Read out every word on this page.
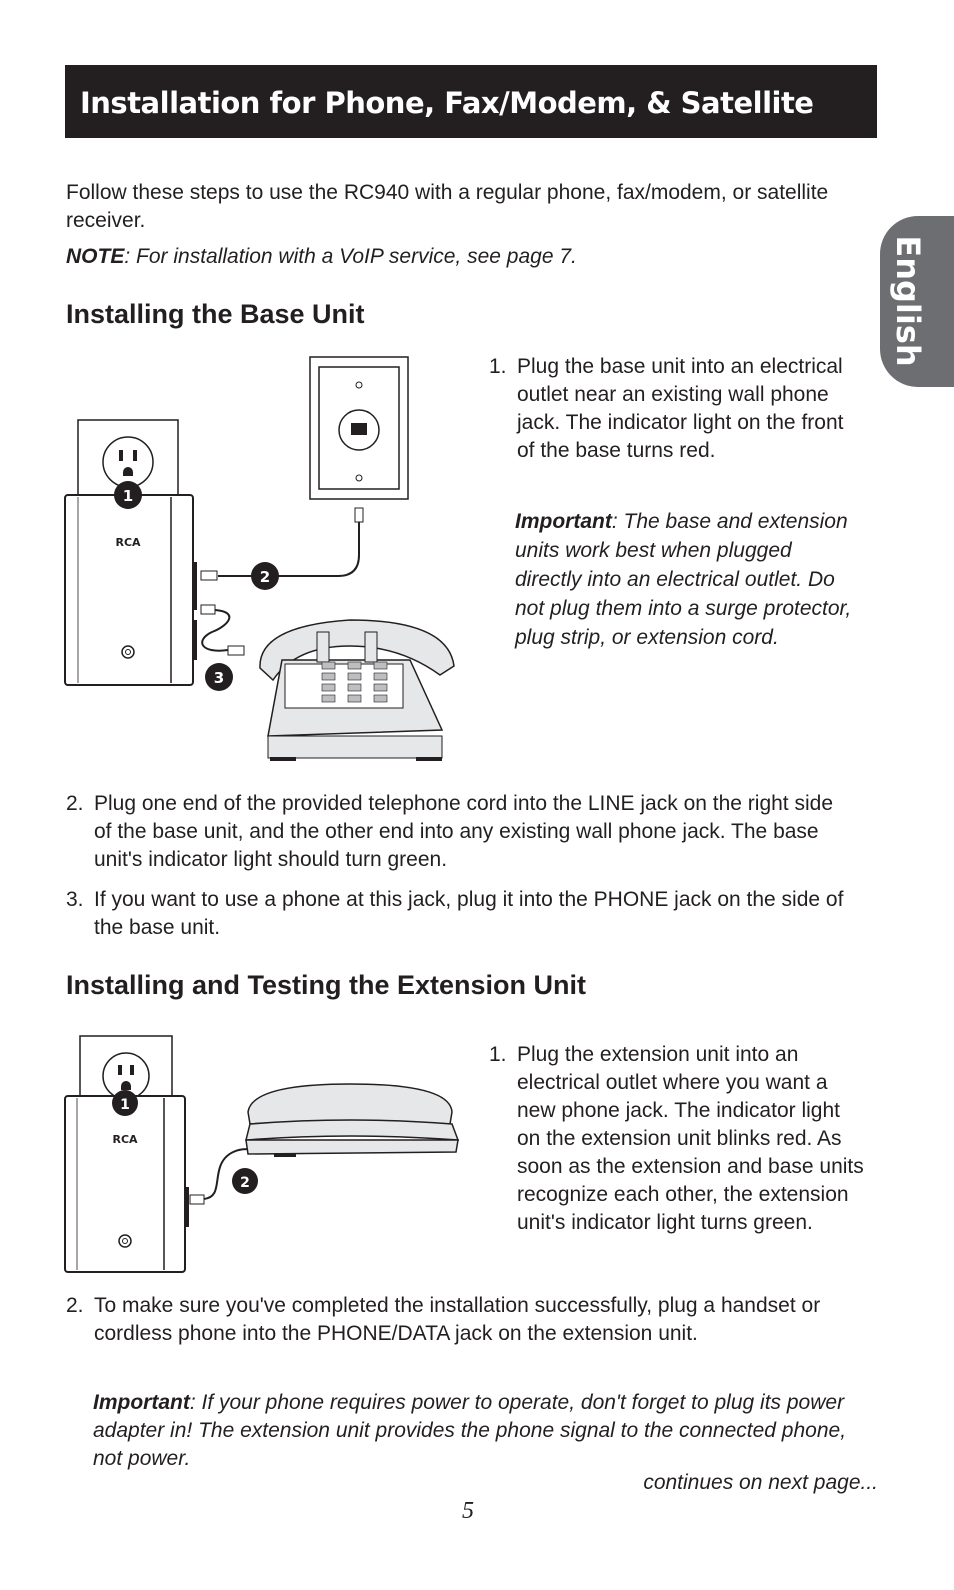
Installation for Phone, Fax/Modem, & Satellite
English

Follow these steps to use the RC940 with a regular phone, fax/modem, or satellite receiver.

NOTE: For installation with a VoIP service, see page 7.

Installing the Base Unit
RCA
1
2
3
1. Plug the base unit into an electrical outlet near an existing wall phone jack. The indicator light on the front of the base turns red.

Important: The base and extension units work best when plugged directly into an electrical outlet. Do not plug them into a surge protector, plug strip, or extension cord.

2. Plug one end of the provided telephone cord into the LINE jack on the right side of the base unit, and the other end into any existing wall phone jack. The base unit's indicator light should turn green.
3. If you want to use a phone at this jack, plug it into the PHONE jack on the side of the base unit.
Installing and Testing the Extension Unit
RCA
1
2
1. Plug the extension unit into an electrical outlet where you want a new phone jack. The indicator light on the extension unit blinks red. As soon as the extension and base units recognize each other, the extension unit's indicator light turns green.
2. To make sure you've completed the installation successfully, plug a handset or cordless phone into the PHONE/DATA jack on the extension unit.

Important: If your phone requires power to operate, don't forget to plug its power adapter in! The extension unit provides the phone signal to the connected phone, not power.

continues on next page...

5
